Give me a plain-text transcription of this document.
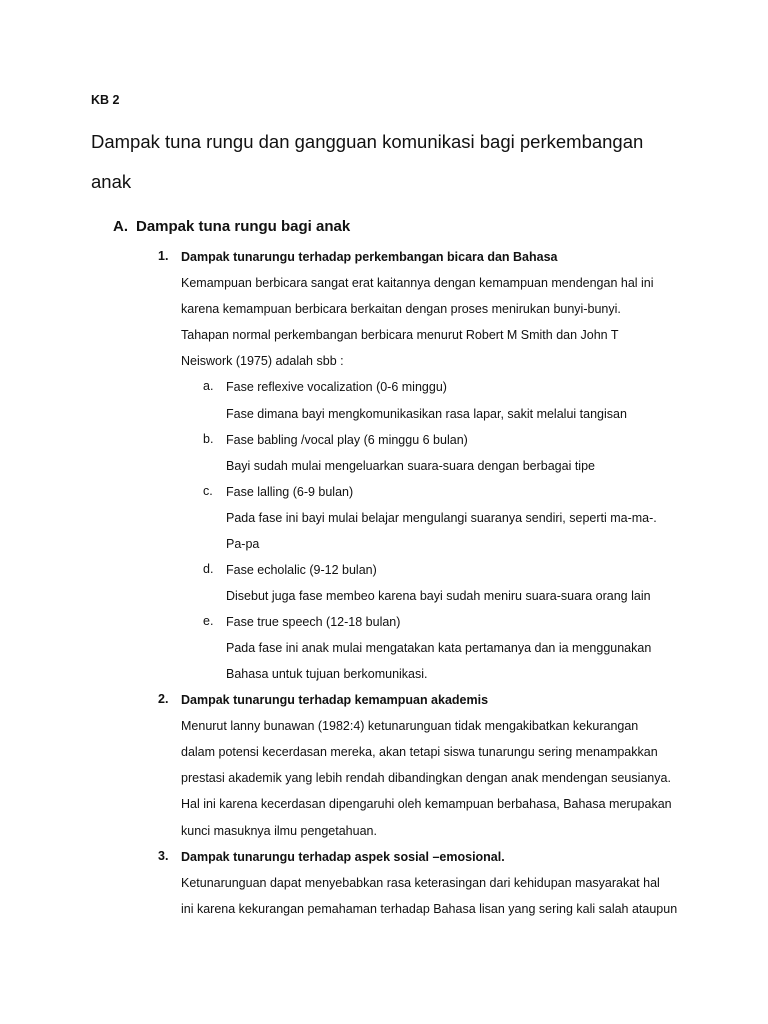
KB 2
Dampak tuna rungu dan gangguan komunikasi bagi perkembangan
anak
A. Dampak tuna rungu bagi anak
1. Dampak tunarungu terhadap perkembangan bicara dan Bahasa
Kemampuan berbicara sangat erat kaitannya dengan kemampuan mendengan hal ini
karena kemampuan berbicara berkaitan dengan proses menirukan bunyi-bunyi.
Tahapan normal perkembangan berbicara menurut Robert M Smith dan John T
Neiswork (1975) adalah sbb :
a. Fase reflexive vocalization (0-6 minggu)
Fase dimana bayi mengkomunikasikan rasa lapar, sakit melalui tangisan
b. Fase babling /vocal play (6 minggu 6 bulan)
Bayi sudah mulai mengeluarkan suara-suara dengan berbagai tipe
c. Fase lalling (6-9 bulan)
Pada fase ini bayi mulai belajar mengulangi suaranya sendiri, seperti ma-ma-.
Pa-pa
d. Fase echolalic (9-12 bulan)
Disebut juga fase membeo karena bayi sudah meniru suara-suara orang lain
e. Fase true speech (12-18 bulan)
Pada fase ini anak mulai mengatakan kata pertamanya dan ia menggunakan
Bahasa untuk tujuan berkomunikasi.
2. Dampak tunarungu terhadap kemampuan akademis
Menurut lanny bunawan (1982:4) ketunarunguan tidak mengakibatkan kekurangan
dalam potensi kecerdasan mereka, akan tetapi siswa tunarungu sering menampakkan
prestasi akademik yang lebih rendah dibandingkan dengan anak mendengan seusianya.
Hal ini karena kecerdasan dipengaruhi oleh kemampuan berbahasa, Bahasa merupakan
kunci masuknya ilmu pengetahuan.
3. Dampak tunarungu terhadap aspek sosial –emosional.
Ketunarunguan dapat menyebabkan rasa keterasingan dari kehidupan masyarakat hal
ini karena kekurangan pemahaman terhadap Bahasa lisan yang sering kali salah ataupun
